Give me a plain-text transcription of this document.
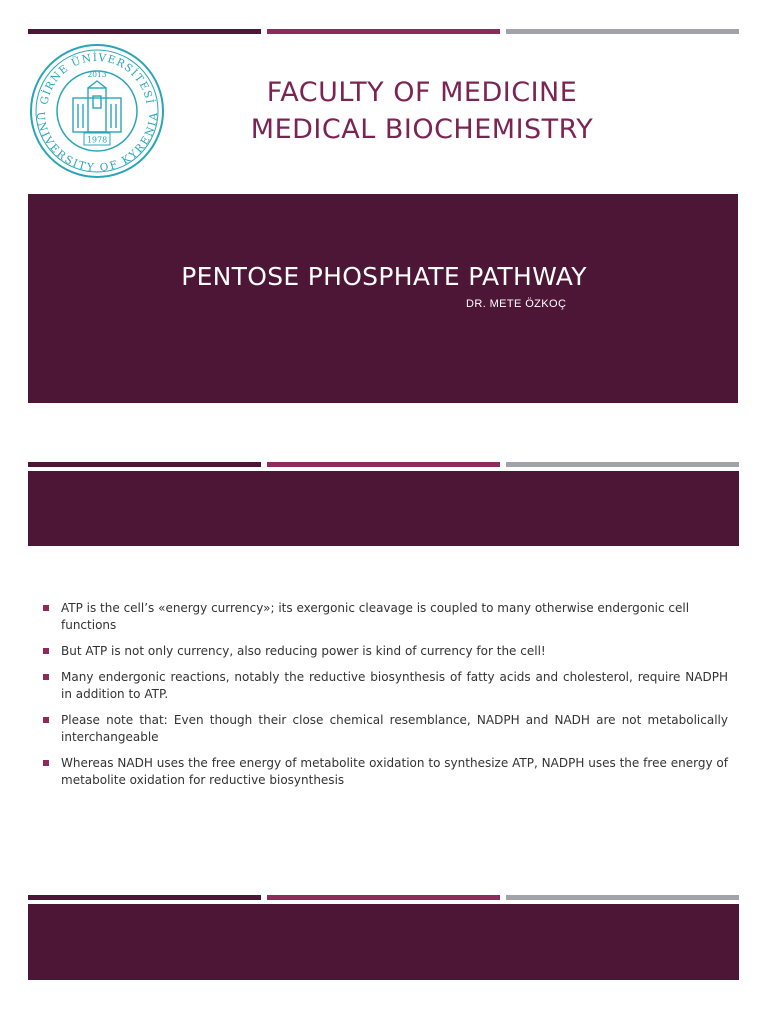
GİRNE ÜNİVERSİTESİ
UNIVERSITY OF KYRENIA
2013
1978
FACULTY OF MEDICINE
MEDICAL BIOCHEMISTRY
PENTOSE PHOSPHATE PATHWAY
DR. METE ÖZKOÇ
ATP is the cell’s «energy currency»; its exergonic cleavage is coupled to many otherwise endergonic cell functions
But ATP is not only currency, also reducing power is kind of currency for the cell!
Many endergonic reactions, notably the reductive biosynthesis of fatty acids and cholesterol, require NADPH in addition to ATP.
Please note that: Even though their close chemical resemblance, NADPH and NADH are not metabolically interchangeable
Whereas NADH uses the free energy of metabolite oxidation to synthesize ATP, NADPH uses the free energy of metabolite oxidation for reductive biosynthesis
